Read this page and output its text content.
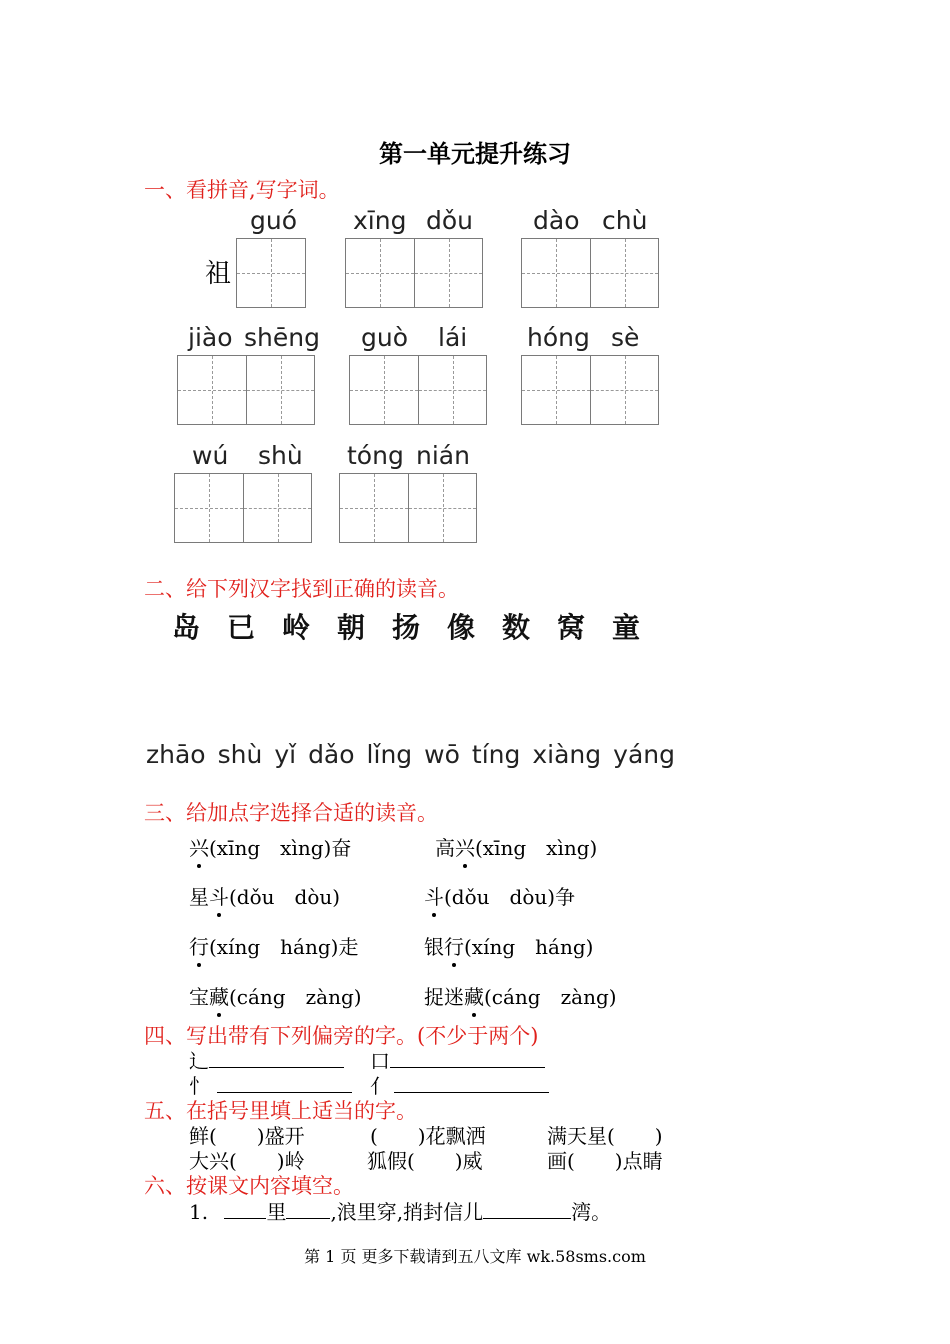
第一单元提升练习
一、看拼音,写字词。
祖
guó xīng dǒu dào chù
jiào shēng guò lái hóng sè
wú shù tóng nián
二、给下列汉字找到正确的读音。
岛 已 岭 朝 扬 像 数 窝 童
zhāo shù yǐ dǎo lǐng wō tíng xiàng yáng
三、给加点字选择合适的读音。
兴(xīng　xìng)奋	高兴(xīng　xìng)
星斗(dǒu　dòu)	斗(dǒu　dòu)争
行(xíng　háng)走	银行(xíng　háng)
宝藏(cáng　zàng)	捉迷藏(cáng　zàng)
四、写出带有下列偏旁的字。(不少于两个)
辶	口
忄	亻
五、在括号里填上适当的字。
鲜(　　)盛开	(　　)花飘洒	满天星(　　)
大兴(　　)岭	狐假(　　)威	画(　　)点睛
六、按课文内容填空。
1.	里 ,浪里穿,捎封信儿	湾。
第 1 页 更多下载请到五八文库 wk.58sms.com
